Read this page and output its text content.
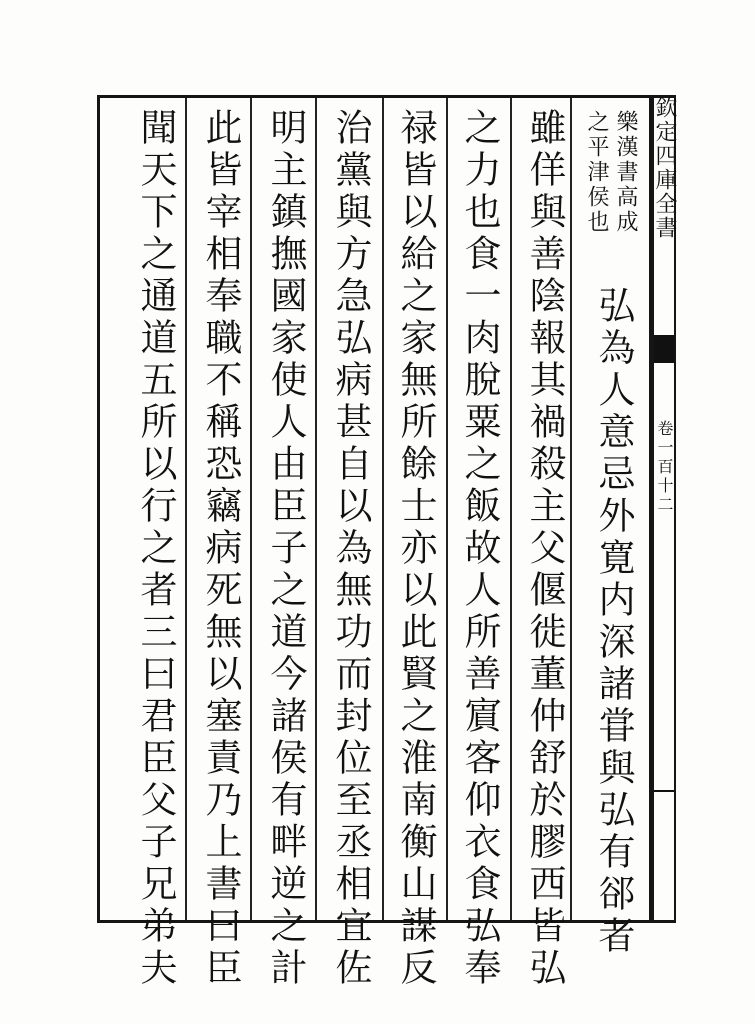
欽定四庫全書
卷一百十二
樂漢書高成
之平津侯也
弘為人意忌外寛内深諸甞與弘有郤者
雖佯與善陰報其禍殺主父偃徙董仲舒於膠西皆弘
之力也食一肉脫粟之飯故人所善賔客仰衣食弘奉
禄皆以給之家無所餘士亦以此賢之淮南衡山謀反
治黨與方急弘病甚自以為無功而封位至丞相宜佐
明主鎮撫國家使人由臣子之道今諸侯有畔逆之計
此皆宰相奉職不稱恐竊病死無以塞責乃上書曰臣
聞天下之通道五所以行之者三曰君臣父子兄弟夫
